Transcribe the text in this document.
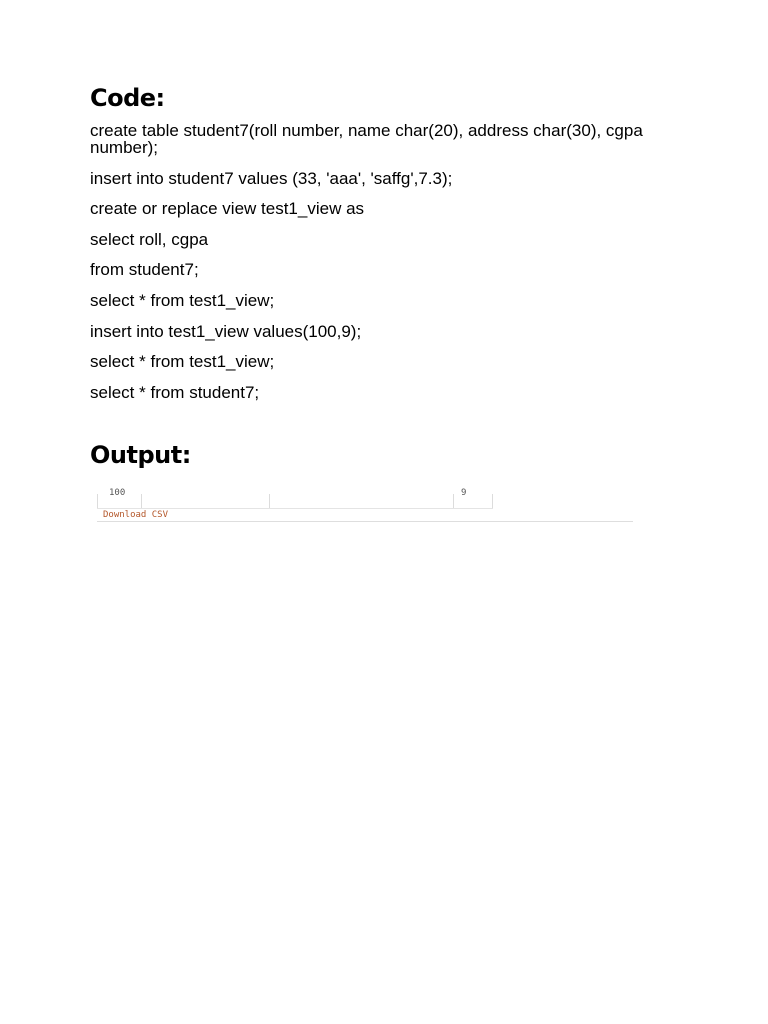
Code:

create table student7(roll number, name char(20), address char(30), cgpa number);

insert into student7 values (33, 'aaa', 'saffg',7.3);

create or replace view test1_view as

select roll, cgpa

from student7;

select * from test1_view;

insert into test1_view values(100,9);

select * from test1_view;

select * from student7;

Output:
100	9
Download CSV
